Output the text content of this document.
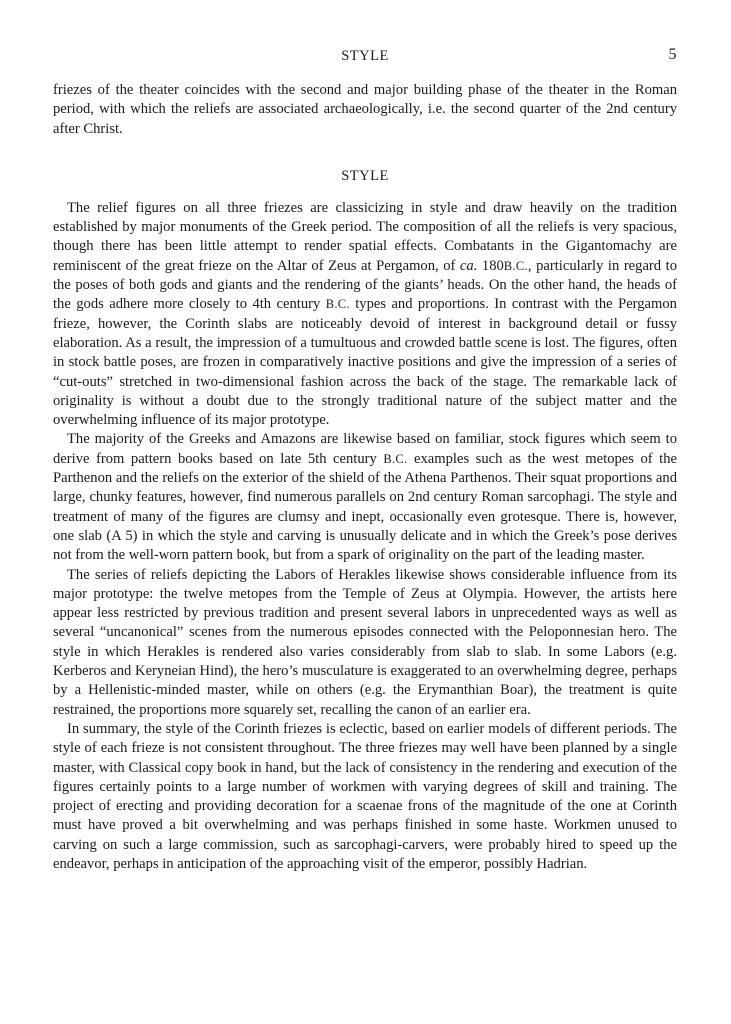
STYLE	5

friezes of the theater coincides with the second and major building phase of the theater in the Roman period, with which the reliefs are associated archaeologically, i.e. the second quarter of the 2nd century after Christ.

STYLE

The relief figures on all three friezes are classicizing in style and draw heavily on the tradition established by major monuments of the Greek period. The composition of all the reliefs is very spacious, though there has been little attempt to render spatial effects. Combatants in the Gigantomachy are reminiscent of the great frieze on the Altar of Zeus at Pergamon, of ca. 180B.C., particularly in regard to the poses of both gods and giants and the rendering of the giants’ heads. On the other hand, the heads of the gods adhere more closely to 4th century B.C. types and proportions. In contrast with the Pergamon frieze, however, the Corinth slabs are noticeably devoid of interest in background detail or fussy elaboration. As a result, the impression of a tumultuous and crowded battle scene is lost. The figures, often in stock battle poses, are frozen in comparatively inactive positions and give the impression of a series of “cut-outs” stretched in two-dimensional fashion across the back of the stage. The remarkable lack of originality is without a doubt due to the strongly traditional nature of the subject matter and the overwhelming influence of its major prototype.

The majority of the Greeks and Amazons are likewise based on familiar, stock figures which seem to derive from pattern books based on late 5th century B.C. examples such as the west metopes of the Parthenon and the reliefs on the exterior of the shield of the Athena Parthenos. Their squat proportions and large, chunky features, however, find numerous parallels on 2nd century Roman sarcophagi. The style and treatment of many of the figures are clumsy and inept, occasionally even grotesque. There is, however, one slab (A 5) in which the style and carving is unusually delicate and in which the Greek’s pose derives not from the well-worn pattern book, but from a spark of originality on the part of the leading master.

The series of reliefs depicting the Labors of Herakles likewise shows considerable influence from its major prototype: the twelve metopes from the Temple of Zeus at Olympia. However, the artists here appear less restricted by previous tradition and present several labors in unprecedented ways as well as several “uncanonical” scenes from the numerous episodes connected with the Peloponnesian hero. The style in which Herakles is rendered also varies considerably from slab to slab. In some Labors (e.g. Kerberos and Keryneian Hind), the hero’s musculature is exaggerated to an overwhelming degree, perhaps by a Hellenistic-minded master, while on others (e.g. the Erymanthian Boar), the treatment is quite restrained, the proportions more squarely set, recalling the canon of an earlier era.

In summary, the style of the Corinth friezes is eclectic, based on earlier models of different periods. The style of each frieze is not consistent throughout. The three friezes may well have been planned by a single master, with Classical copy book in hand, but the lack of consistency in the rendering and execution of the figures certainly points to a large number of workmen with varying degrees of skill and training. The project of erecting and providing decoration for a scaenae frons of the magnitude of the one at Corinth must have proved a bit overwhelming and was perhaps finished in some haste. Workmen unused to carving on such a large commission, such as sarcophagi-carvers, were probably hired to speed up the endeavor, perhaps in anticipation of the approaching visit of the emperor, possibly Hadrian.
